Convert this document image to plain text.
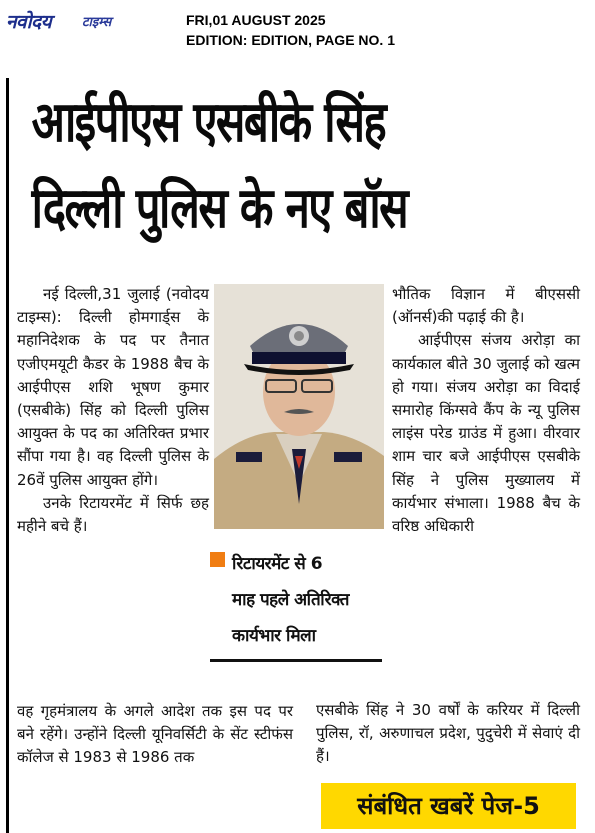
नवोदय टाइम्स	FRI,01 AUGUST 2025
EDITION: EDITION, PAGE NO. 1
आईपीएस एसबीके सिंह
दिल्ली पुलिस के नए बॉस

नई दिल्ली,31 जुलाई (नवोदय टाइम्स): दिल्ली होमगार्ड्स के महानिदेशक के पद पर तैनात एजीएमयूटी कैडर के 1988 बैच के आईपीएस शशि भूषण कुमार (एसबीके) सिंह को दिल्ली पुलिस आयुक्त के पद का अतिरिक्त प्रभार सौंपा गया है। वह दिल्ली पुलिस के 26वें पुलिस आयुक्त होंगे।

उनके रिटायरमेंट में सिर्फ छह महीने बचे हैं।

वह गृहमंत्रालय के अगले आदेश तक इस पद पर बने रहेंगे। उन्होंने दिल्ली यूनिवर्सिटी के सेंट स्टीफंस कॉलेज से 1983 से 1986 तक
रिटायरमेंट से 6
माह पहले अतिरिक्त
कार्यभार मिला

भौतिक विज्ञान में बीएससी (ऑनर्स)की पढ़ाई की है।

आईपीएस संजय अरोड़ा का कार्यकाल बीते 30 जुलाई को खत्म हो गया। संजय अरोड़ा का विदाई समारोह किंग्सवे कैंप के न्यू पुलिस लाइंस परेड ग्राउंड में हुआ। वीरवार शाम चार बजे आईपीएस एसबीके सिंह ने पुलिस मुख्यालय में कार्यभार संभाला। 1988 बैच के वरिष्ठ अधिकारी

एसबीके सिंह ने 30 वर्षों के करियर में दिल्ली पुलिस, रॉ, अरुणाचल प्रदेश, पुदुचेरी में सेवाएं दी हैं।
संबंधित खबरें पेज-5
